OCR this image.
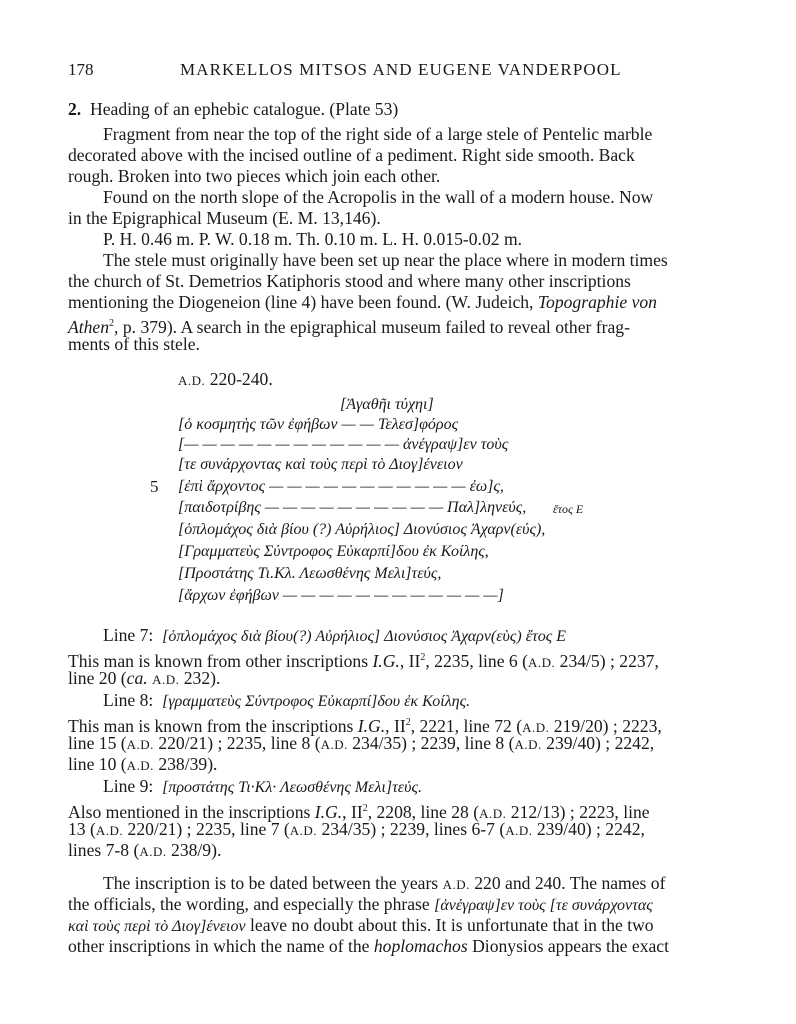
178	MARKELLOS MITSOS AND EUGENE VANDERPOOL
2. Heading of an ephebic catalogue. (Plate 53)
Fragment from near the top of the right side of a large stele of Pentelic marble
decorated above with the incised outline of a pediment. Right side smooth. Back
rough. Broken into two pieces which join each other.
Found on the north slope of the Acropolis in the wall of a modern house. Now
in the Epigraphical Museum (E. M. 13,146).
P. H. 0.46 m. P. W. 0.18 m. Th. 0.10 m. L. H. 0.015-0.02 m.
The stele must originally have been set up near the place where in modern times
the church of St. Demetrios Katiphoris stood and where many other inscriptions
mentioning the Diogeneion (line 4) have been found. (W. Judeich, Topographie von
Athen$^2$, p. 379). A search in the epigraphical museum failed to reveal other frag-
ments of this stele.
A.D. 220-240.
[Ἀγαθῆι τύχηι]
[ὁ κοσμητὴς τῶν ἐφήβων — — Τελεσ]φόρος
[— — — — — — — — — — — — ἀνέγραψ]εν τοὺς
[τε συνάρχοντας καὶ τοὺς περὶ τὸ Διογ]ένειον
5 [ἐπὶ ἄρχοντος — — — — — — — — — — — ἐω]ς,
[παιδοτρίβης — — — — — — — — — — Παλ]ληνεύς, ἔτος Ε
[ὁπλομάχος διὰ βίου (?) Αὐρήλιος] Διονύσιος Ἀχαρν(εύς),
[Γραμματεὺς Σύντροφος Εὐκαρπί]δου ἐκ Κοίλης,
[Προστάτης Τι.Κλ. Λεωσθένης Μελι]τεύς,
[ἄρχων ἐφήβων — — — — — — — — — — — —]
Line 7: [ὁπλομάχος διὰ βίου(?) Αὐρήλιος] Διονύσιος Ἀχαρν(εὺς) ἔτος Ε
This man is known from other inscriptions I.G., $II^2$, 2235, line 6 (A.D. 234/5) ; 2237,
line 20 (ca. A.D. 232).
Line 8: [γραμματεὺς Σύντροφος Εὐκαρπί]δου ἐκ Κοίλης.
This man is known from the inscriptions I.G., $II^2$, 2221, line 72 (A.D. 219/20) ; 2223,
line 15 (A.D. 220/21) ; 2235, line 8 (A.D. 234/35) ; 2239, line 8 (A.D. 239/40) ; 2242,
line 10 (A.D. 238/39).
Line 9: [προστάτης Τι·Κλ· Λεωσθένης Μελι]τεύς.
Also mentioned in the inscriptions I.G., $II^2$, 2208, line 28 (A.D. 212/13) ; 2223, line
13 (A.D. 220/21) ; 2235, line 7 (A.D. 234/35) ; 2239, lines 6-7 (A.D. 239/40) ; 2242,
lines 7-8 (A.D. 238/9).
The inscription is to be dated between the years A.D. 220 and 240. The names of
the officials, the wording, and especially the phrase [ἀνέγραψ]εν τοὺς [τε συνάρχοντας
καὶ τοὺς περὶ τὸ Διογ]ένειον leave no doubt about this. It is unfortunate that in the two
other inscriptions in which the name of the hoplomachos Dionysios appears the exact
